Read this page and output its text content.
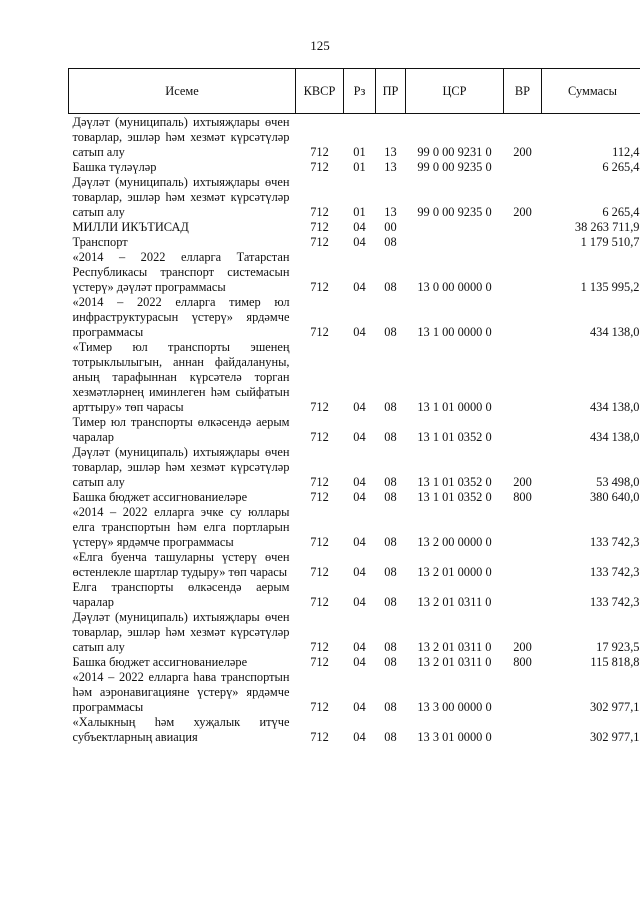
125
Исеме	КВСР	Рз	ПР	ЦСР	ВР	Суммасы
Дәүләт (муниципаль) ихтыяҗлары өчен товарлар, эшләр һәм хезмәт күрсәтүләр сатып алу	712	01	13	99 0 00 9231 0	200	112,4
Башка түләүләр	712	01	13	99 0 00 9235 0		6 265,4
Дәүләт (муниципаль) ихтыяҗлары өчен товарлар, эшләр һәм хезмәт күрсәтүләр сатып алу	712	01	13	99 0 00 9235 0	200	6 265,4
МИЛЛИ ИКЪТИСАД	712	04	00			38 263 711,9
Транспорт	712	04	08			1 179 510,7
«2014 – 2022 елларга Татарстан Республикасы транспорт системасын үстерү» дәүләт программасы	712	04	08	13 0 00 0000 0		1 135 995,2
«2014 – 2022 елларга тимер юл инфраструктурасын үстерү» ярдәмче программасы	712	04	08	13 1 00 0000 0		434 138,0
«Тимер юл транспорты эшенең тотрыклылыгын, аннан файдалануны, аның тарафыннан күрсәтелә торган хезмәтләрнең иминлеген һәм сыйфатын арттыру» төп чарасы	712	04	08	13 1 01 0000 0		434 138,0
Тимер юл транспорты өлкәсендә аерым чаралар	712	04	08	13 1 01 0352 0		434 138,0
Дәүләт (муниципаль) ихтыяҗлары өчен товарлар, эшләр һәм хезмәт күрсәтүләр сатып алу	712	04	08	13 1 01 0352 0	200	53 498,0
Башка бюджет ассигнованиеләре	712	04	08	13 1 01 0352 0	800	380 640,0
«2014 – 2022 елларга эчке су юллары елга транспортын һәм елга портларын үстерү» ярдәмче программасы	712	04	08	13 2 00 0000 0		133 742,3
«Елга буенча ташуларны үстерү өчен өстенлекле шартлар тудыру» төп чарасы	712	04	08	13 2 01 0000 0		133 742,3
Елга транспорты өлкәсендә аерым чаралар	712	04	08	13 2 01 0311 0		133 742,3
Дәүләт (муниципаль) ихтыяҗлары өчен товарлар, эшләр һәм хезмәт күрсәтүләр сатып алу	712	04	08	13 2 01 0311 0	200	17 923,5
Башка бюджет ассигнованиеләре	712	04	08	13 2 01 0311 0	800	115 818,8
«2014 – 2022 елларга һава транспортын һәм аэронавигацияне үстерү» ярдәмче программасы	712	04	08	13 3 00 0000 0		302 977,1
«Халыкның һәм хуҗалык итүче субъектларның авиация	712	04	08	13 3 01 0000 0		302 977,1
